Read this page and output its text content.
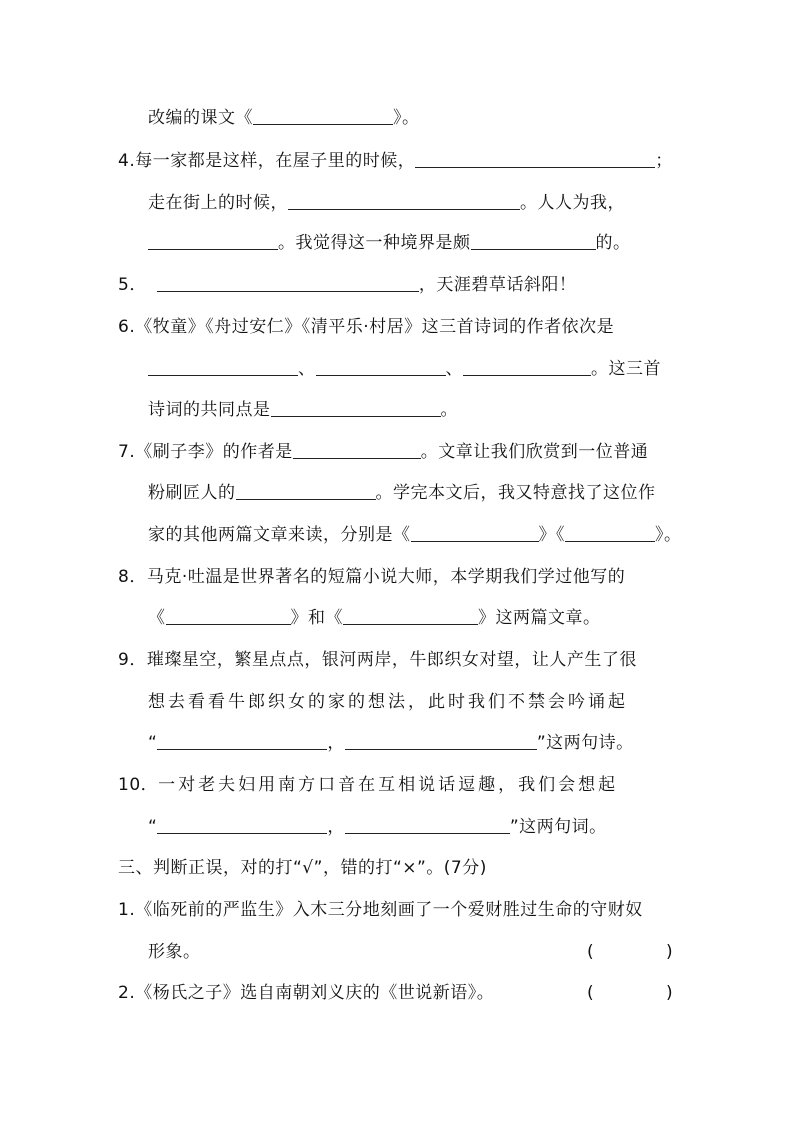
改编的课文《	》。
4.每一家都是这样，在屋子里的时候，	；
走在街上的时候，	。人人为我，
。我觉得这一种境界是颇	的。
5．	，天涯碧草话斜阳！
6.《牧童》《舟过安仁》《清平乐·村居》这三首诗词的作者依次是
、	、	。这三首
诗词的共同点是	。
7.《刷子李》的作者是	。文章让我们欣赏到一位普通
粉刷匠人的	。学完本文后，我又特意找了这位作
家的其他两篇文章来读，分别是《	》《	》。
8．马克·吐温是世界著名的短篇小说大师，本学期我们学过他写的
《	》和《	》这两篇文章。
9．璀璨星空，繁星点点，银河两岸，牛郎织女对望，让人产生了很
想去看看牛郎织女的家的想法，此时我们不禁会吟诵起
“	，	”这两句诗。
10．一对老夫妇用南方口音在互相说话逗趣，我们会想起
“	，	”这两句词。
三、判断正误，对的打“√”，错的打“×”。(7分)
1.《临死前的严监生》入木三分地刻画了一个爱财胜过生命的守财奴
形象。	(	)
2.《杨氏之子》选自南朝刘义庆的《世说新语》。	(	)
